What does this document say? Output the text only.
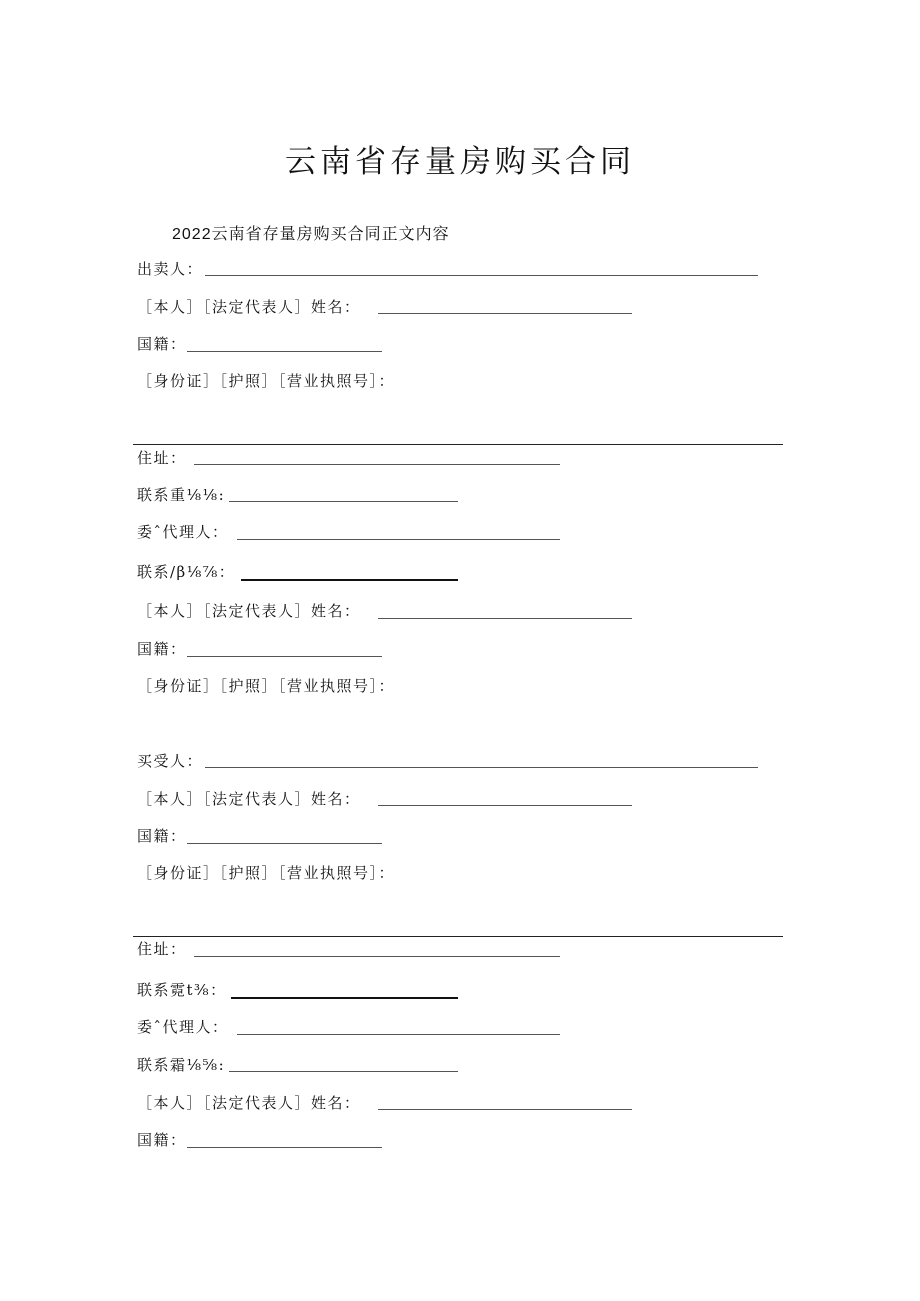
云南省存量房购买合同
2022云南省存量房购买合同正文内容
出卖人：
［本人］［法定代表人］姓名：
国籍：
［身份证］［护照］［营业执照号］：
住址：
联系重⅛⅛:
委ˆ代理人：
联系/β⅛⅞：
［本人］［法定代表人］姓名：
国籍：
［身份证］［护照］［营业执照号］：
买受人：
［本人］［法定代表人］姓名：
国籍：
［身份证］［护照］［营业执照号］：
住址：
联系霓t⅜：
委ˆ代理人：
联系霜⅛⅝:
［本人］［法定代表人］姓名：
国籍：
